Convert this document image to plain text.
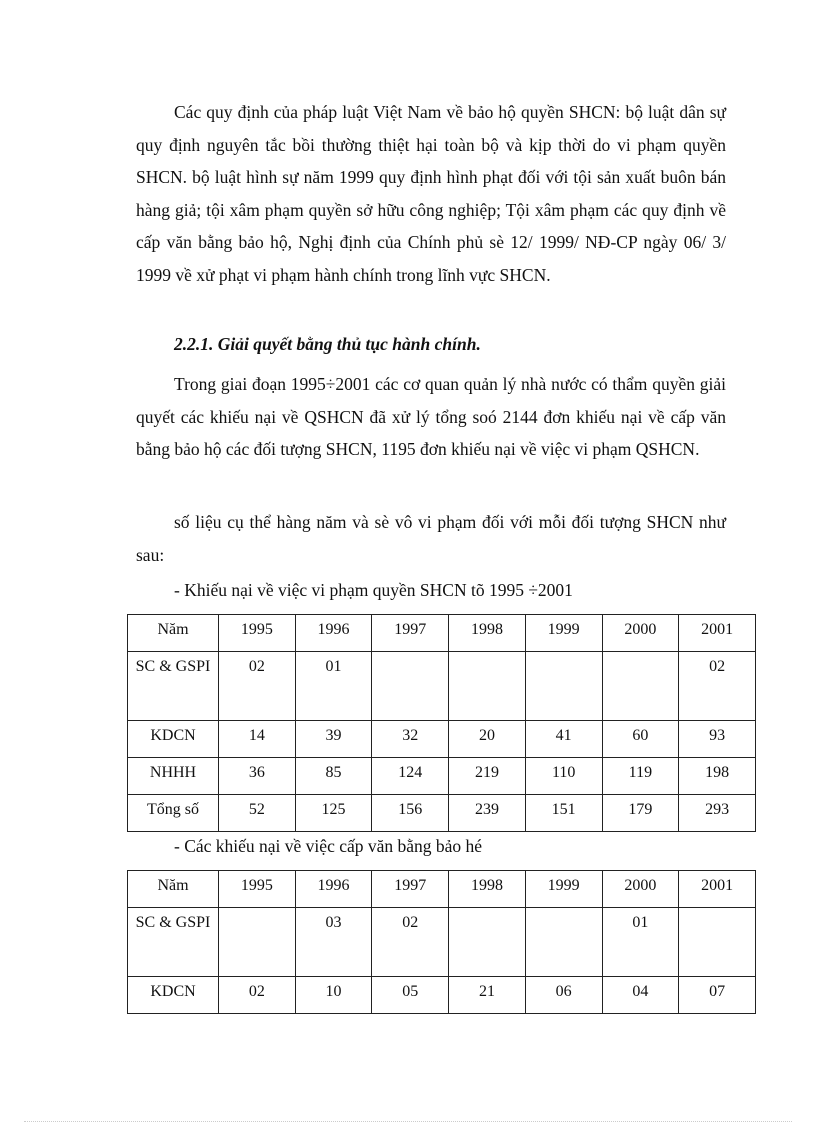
Các quy định của pháp luật Việt Nam về bảo hộ quyền SHCN: bộ luật dân sự quy định nguyên tắc bồi thường thiệt hại toàn bộ và kịp thời do vi phạm quyền SHCN. bộ luật hình sự năm 1999 quy định hình phạt đối với tội sản xuất buôn bán hàng giả; tội xâm phạm quyền sở hữu công nghiệp; Tội xâm phạm các quy định về cấp văn bằng bảo hộ, Nghị định của Chính phủ sè 12/ 1999/ NĐ-CP ngày 06/ 3/ 1999 về xử phạt vi phạm hành chính trong lĩnh vực SHCN.

2.2.1. Giải quyết bằng thủ tục hành chính.

Trong giai đoạn 1995÷2001 các cơ quan quản lý nhà nước có thẩm quyền giải quyết các khiếu nại về QSHCN đã xử lý tổng soó 2144 đơn khiếu nại về cấp văn bằng bảo hộ các đối tượng SHCN, 1195 đơn khiếu nại về việc vi phạm QSHCN.

số liệu cụ thể hàng năm và sè vô vi phạm đối với mỗi đối tượng SHCN như sau:

- Khiếu nại về việc vi phạm quyền SHCN tõ 1995 ÷2001

Năm	1995	1996	1997	1998	1999	2000	2001
SC & GSPI	02	01					02
KDCN	14	39	32	20	41	60	93
NHHH	36	85	124	219	110	119	198
Tổng số	52	125	156	239	151	179	293

- Các khiếu nại về việc cấp văn bằng bảo hé

Năm	1995	1996	1997	1998	1999	2000	2001
SC & GSPI		03	02			01	
KDCN	02	10	05	21	06	04	07
